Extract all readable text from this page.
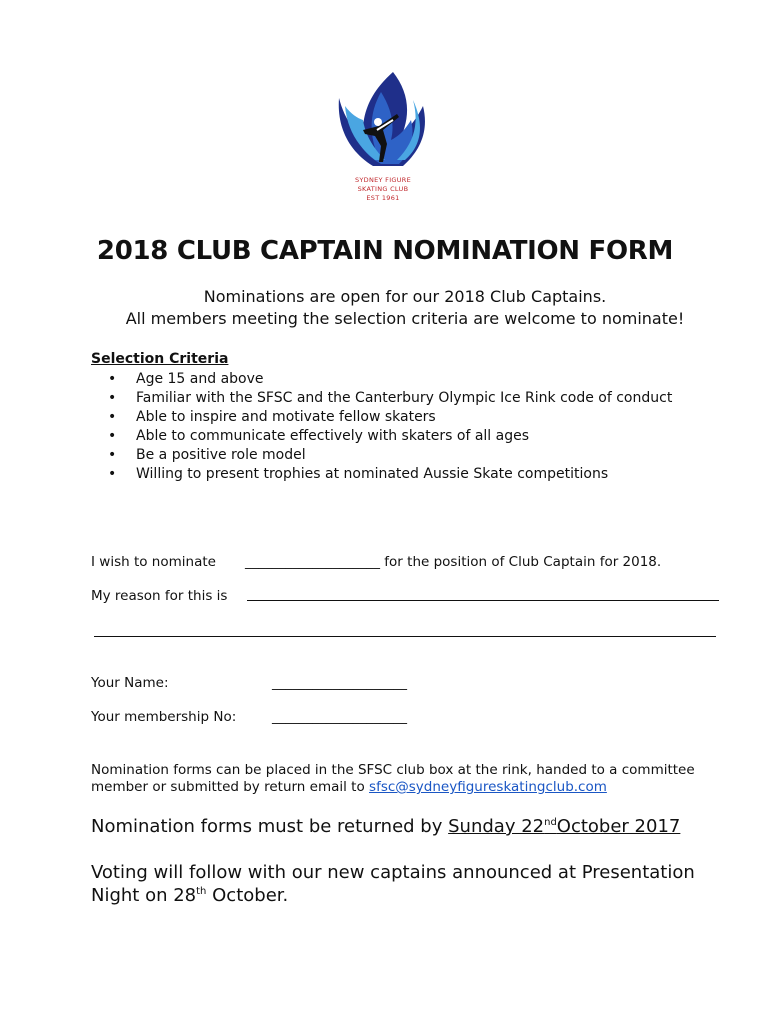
SYDNEY FIGURE
SKATING CLUB
EST 1961
2018 CLUB CAPTAIN NOMINATION FORM
Nominations are open for our 2018 Club Captains.
All members meeting the selection criteria are welcome to nominate!
Selection Criteria
• Age 15 and above
• Familiar with the SFSC and the Canterbury Olympic Ice Rink code of conduct
• Able to inspire and motivate fellow skaters
• Able to communicate effectively with skaters of all ages
• Be a positive role model
• Willing to present trophies at nominated Aussie Skate competitions
I wish to nominate ____________________ for the position of Club Captain for 2018.
My reason for this is
Your Name:	____________________
Your membership No:	____________________
Nomination forms can be placed in the SFSC club box at the rink, handed to a committee member or submitted by return email to sfsc@sydneyfigureskatingclub.com
Nomination forms must be returned by Sunday 22ndOctober 2017
Voting will follow with our new captains announced at Presentation Night on 28th October.
